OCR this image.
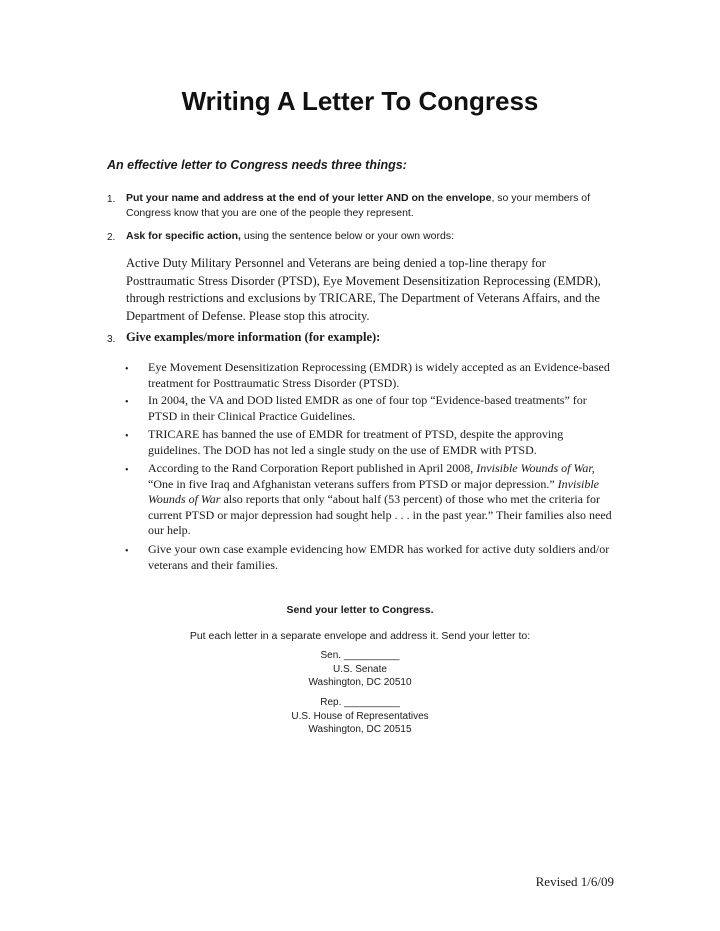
Writing A Letter To Congress
An effective letter to Congress needs three things:
1. Put your name and address at the end of your letter AND on the envelope, so your members of Congress know that you are one of the people they represent.
2. Ask for specific action, using the sentence below or your own words:
Active Duty Military Personnel and Veterans are being denied a top-line therapy for Posttraumatic Stress Disorder (PTSD), Eye Movement Desensitization Reprocessing (EMDR), through restrictions and exclusions by TRICARE, The Department of Veterans Affairs, and the Department of Defense. Please stop this atrocity.
3. Give examples/more information (for example):
• Eye Movement Desensitization Reprocessing (EMDR) is widely accepted as an Evidence-based treatment for Posttraumatic Stress Disorder (PTSD).
• In 2004, the VA and DOD listed EMDR as one of four top “Evidence-based treatments” for PTSD in their Clinical Practice Guidelines.
• TRICARE has banned the use of EMDR for treatment of PTSD, despite the approving guidelines. The DOD has not led a single study on the use of EMDR with PTSD.
• According to the Rand Corporation Report published in April 2008, Invisible Wounds of War, “One in five Iraq and Afghanistan veterans suffers from PTSD or major depression.” Invisible Wounds of War also reports that only “about half (53 percent) of those who met the criteria for current PTSD or major depression had sought help . . . in the past year.” Their families also need our help.
• Give your own case example evidencing how EMDR has worked for active duty soldiers and/or veterans and their families.
Send your letter to Congress.
Put each letter in a separate envelope and address it. Send your letter to:
Sen. __________
U.S. Senate
Washington, DC 20510
Rep. __________
U.S. House of Representatives
Washington, DC 20515
Revised 1/6/09
